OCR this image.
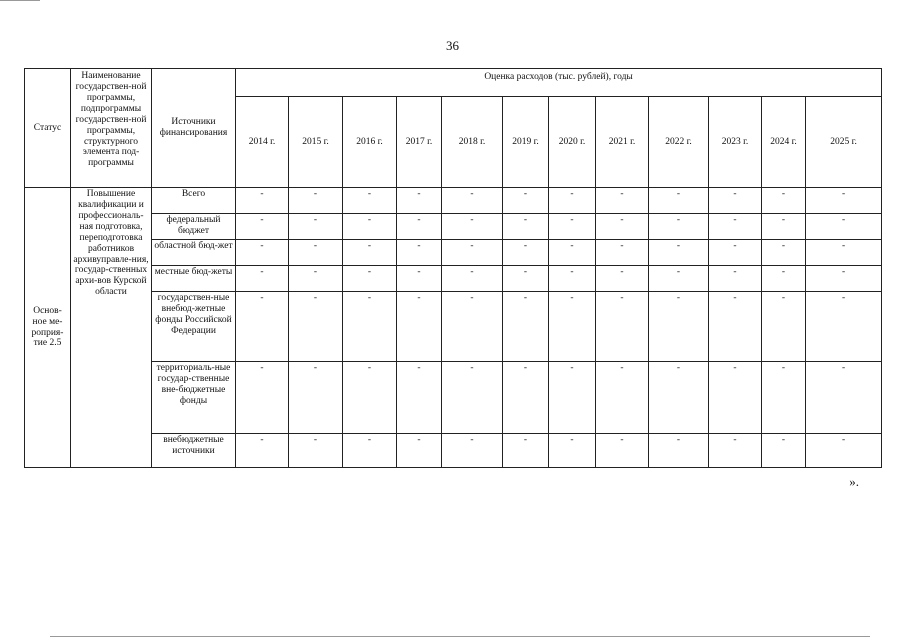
36
Статус	Наименование государствен-ной программы, подпрограммы государствен-ной программы, структурного элемента под-программы	Источники финансирования	Оценка расходов (тыс. рублей), годы											
			2014 г.	2015 г.	2016 г.	2017 г.	2018 г.	2019 г.	2020 г.	2021 г.	2022 г.	2023 г.	2024 г.	2025 г.
Основ-ное ме-роприя-тие 2.5	Повышение квалификации и профессиональ-ная подготовка, переподготовка работников архивуправле-ния, государ-ственных архи-вов Курской области	Всего	-	-	-	-	-	-	-	-	-	-	-	-
		федеральный бюджет	-	-	-	-	-	-	-	-	-	-	-	-
		областной бюд-жет	-	-	-	-	-	-	-	-	-	-	-	-
		местные бюд-жеты	-	-	-	-	-	-	-	-	-	-	-	-
		государствен-ные внебюд-жетные фонды Российской Федерации	-	-	-	-	-	-	-	-	-	-	-	-
		территориаль-ные государ-ственные вне-бюджетные фонды	-	-	-	-	-	-	-	-	-	-	-	-
		внебюджетные источники	-	-	-	-	-	-	-	-	-	-	-	-
».
